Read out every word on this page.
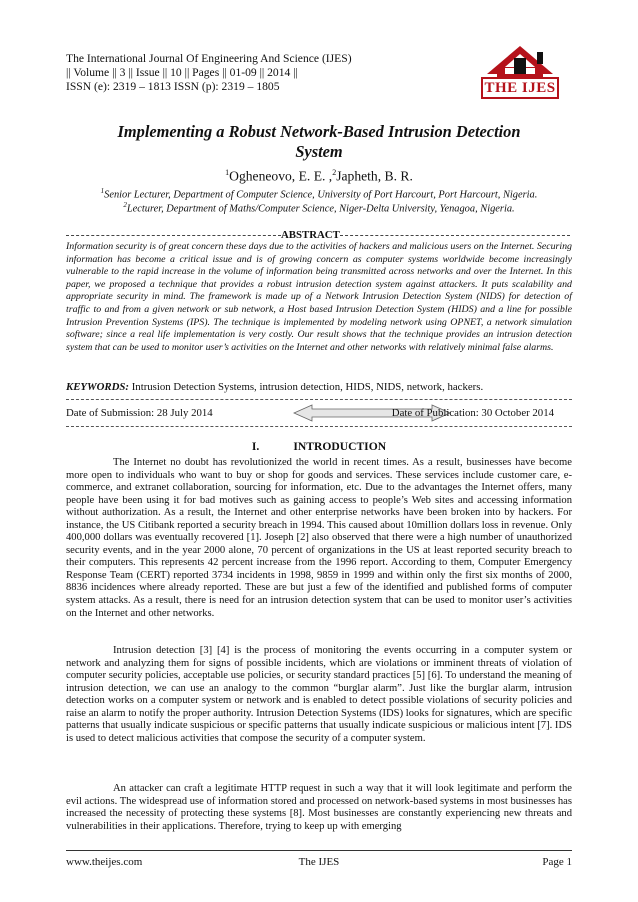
The International Journal Of Engineering And Science (IJES)
|| Volume || 3 || Issue || 10 || Pages || 01-09 || 2014 ||
ISSN (e): 2319 – 1813 ISSN (p): 2319 – 1805	THE IJES
Implementing a Robust Network-Based Intrusion Detection
System
$^1$Ogheneovo, E. E. ,$^2$Japheth, B. R.
$^1$Senior Lecturer, Department of Computer Science, University of Port Harcourt, Port Harcourt, Nigeria.
$^2$Lecturer, Department of Maths/Computer Science, Niger-Delta University, Yenagoa, Nigeria.
ABSTRACT
Information security is of great concern these days due to the activities of hackers and malicious users on the Internet. Securing information has become a critical issue and is of growing concern as computer systems worldwide become increasingly vulnerable to the rapid increase in the volume of information being transmitted across networks and over the Internet. In this paper, we proposed a technique that provides a robust intrusion detection system against attackers. It puts scalability and appropriate security in mind. The framework is made up of a Network Intrusion Detection System (NIDS) for detection of traffic to and from a given network or sub network, a Host based Intrusion Detection System (HIDS) and a line for possible Intrusion Prevention Systems (IPS). The technique is implemented by modeling network using OPNET, a network simulation software; since a real life implementation is very costly. Our result shows that the technique provides an intrusion detection system that can be used to monitor user’s activities on the Internet and other networks with relatively minimal false alarms.
KEYWORDS: Intrusion Detection Systems, intrusion detection, HIDS, NIDS, network, hackers.
Date of Submission: 28 July 2014	Date of Publication: 30 October 2014
I.	INTRODUCTION

The Internet no doubt has revolutionized the world in recent times. As a result, businesses have become more open to individuals who want to buy or shop for goods and services. These services include customer care, e-commerce, and extranet collaboration, sourcing for information, etc. Due to the advantages the Internet offers, many people have been using it for bad motives such as gaining access to people’s Web sites and accessing information without authorization. As a result, the Internet and other enterprise networks have been broken into by hackers. For instance, the US Citibank reported a security breach in 1994. This caused about 10million dollars loss in revenue. Only 400,000 dollars was eventually recovered [1]. Joseph [2] also observed that there were a high number of unauthorized security events, and in the year 2000 alone, 70 percent of organizations in the US at least reported security breach to their computers. This represents 42 percent increase from the 1996 report. According to them, Computer Emergency Response Team (CERT) reported 3734 incidents in 1998, 9859 in 1999 and within only the first six months of 2000, 8836 incidences where already reported. These are but just a few of the identified and published forms of computer system attacks. As a result, there is need for an intrusion detection system that can be used to monitor user’s activities on the Internet and other networks.

Intrusion detection [3] [4] is the process of monitoring the events occurring in a computer system or network and analyzing them for signs of possible incidents, which are violations or imminent threats of violation of computer security policies, acceptable use policies, or security standard practices [5] [6]. To understand the meaning of intrusion detection, we can use an analogy to the common “burglar alarm”. Just like the burglar alarm, intrusion detection works on a computer system or network and is enabled to detect possible violations of security policies and raise an alarm to notify the proper authority. Intrusion Detection Systems (IDS) looks for signatures, which are specific patterns that usually indicate suspicious or specific patterns that usually indicate suspicious or malicious intent [7]. IDS is used to detect malicious activities that compose the security of a computer system.

An attacker can craft a legitimate HTTP request in such a way that it will look legitimate and perform the evil actions. The widespread use of information stored and processed on network-based systems in most businesses has increased the necessity of protecting these systems [8]. Most businesses are constantly experiencing new threats and vulnerabilities in their applications. Therefore, trying to keep up with emerging

www.theijes.com	The IJES	Page 1
